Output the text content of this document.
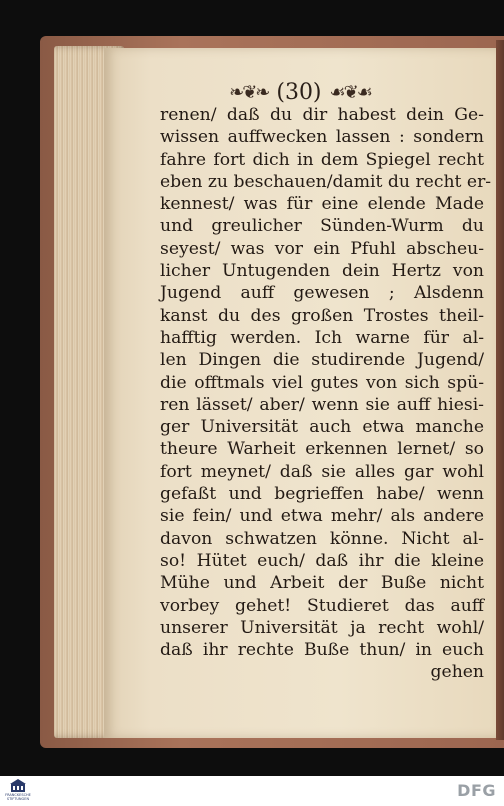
❧❦❧ (30) ☙❦☙
renen/ daß du dir habest dein Ge-
wissen auffwecken lassen : sondern
fahre fort dich in dem Spiegel recht
eben zu beschauen/damit du recht er-
kennest/ was für eine elende Made
und greulicher Sünden-Wurm du
seyest/ was vor ein Pfuhl abscheu-
licher Untugenden dein Hertz von
Jugend auff gewesen ; Alsdenn
kanst du des großen Trostes theil-
hafftig werden. Ich warne für al-
len Dingen die studirende Jugend/
die offtmals viel gutes von sich spü-
ren lässet/ aber/ wenn sie auff hiesi-
ger Universität auch etwa manche
theure Warheit erkennen lernet/ so
fort meynet/ daß sie alles gar wohl
gefaßt und begrieffen habe/ wenn
sie fein/ und etwa mehr/ als andere
davon schwatzen könne. Nicht al-
so! Hütet euch/ daß ihr die kleine
Mühe und Arbeit der Buße nicht
vorbey gehet! Studieret das auff
unserer Universität ja recht wohl/
daß ihr rechte Buße thun/ in euch
gehen
FRANCKESCHE STIFTUNGEN	DFG
